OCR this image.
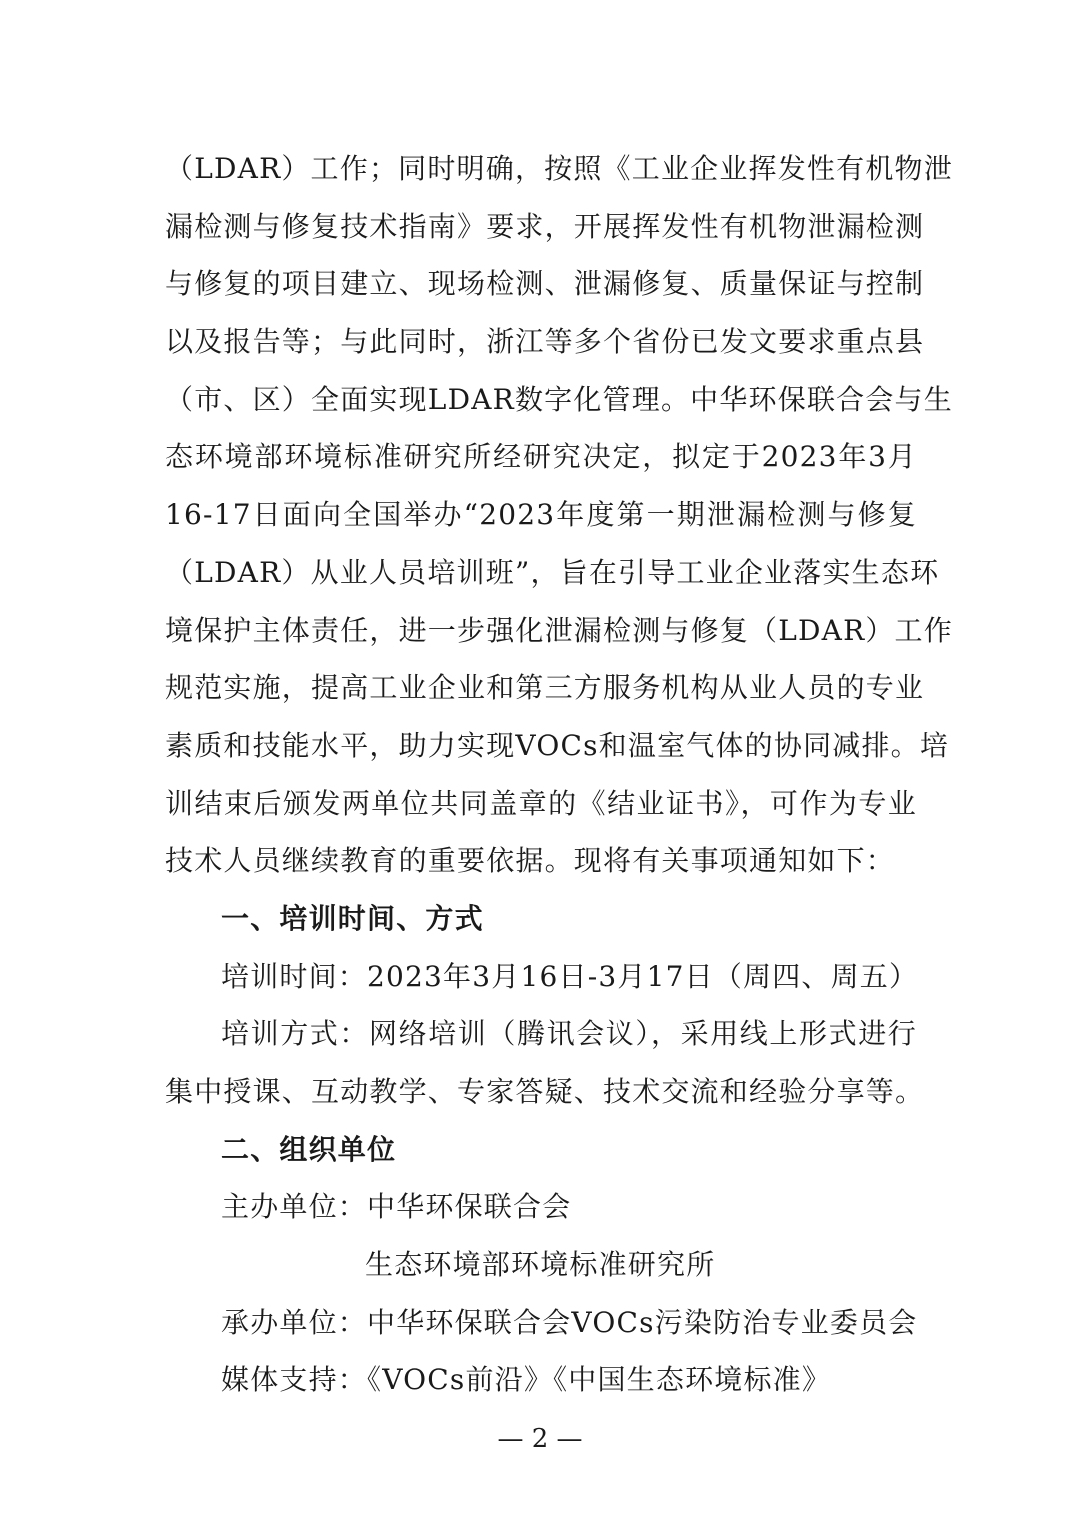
（LDAR）工作；同时明确，按照《工业企业挥发性有机物泄
漏检测与修复技术指南》要求，开展挥发性有机物泄漏检测
与修复的项目建立、现场检测、泄漏修复、质量保证与控制
以及报告等；与此同时，浙江等多个省份已发文要求重点县
（市、区）全面实现LDAR数字化管理。中华环保联合会与生
态环境部环境标准研究所经研究决定，拟定于2023年3月
16-17日面向全国举办“2023年度第一期泄漏检测与修复
（LDAR）从业人员培训班”，旨在引导工业企业落实生态环
境保护主体责任，进一步强化泄漏检测与修复（LDAR）工作
规范实施，提高工业企业和第三方服务机构从业人员的专业
素质和技能水平，助力实现VOCs和温室气体的协同减排。培
训结束后颁发两单位共同盖章的《结业证书》，可作为专业
技术人员继续教育的重要依据。现将有关事项通知如下：
一、培训时间、方式
培训时间：2023年3月16日-3月17日（周四、周五）
培训方式：网络培训（腾讯会议），采用线上形式进行
集中授课、互动教学、专家答疑、技术交流和经验分享等。
二、组织单位
主办单位：中华环保联合会
生态环境部环境标准研究所
承办单位：中华环保联合会VOCs污染防治专业委员会
媒体支持：《VOCs前沿》《中国生态环境标准》
— 2 —
